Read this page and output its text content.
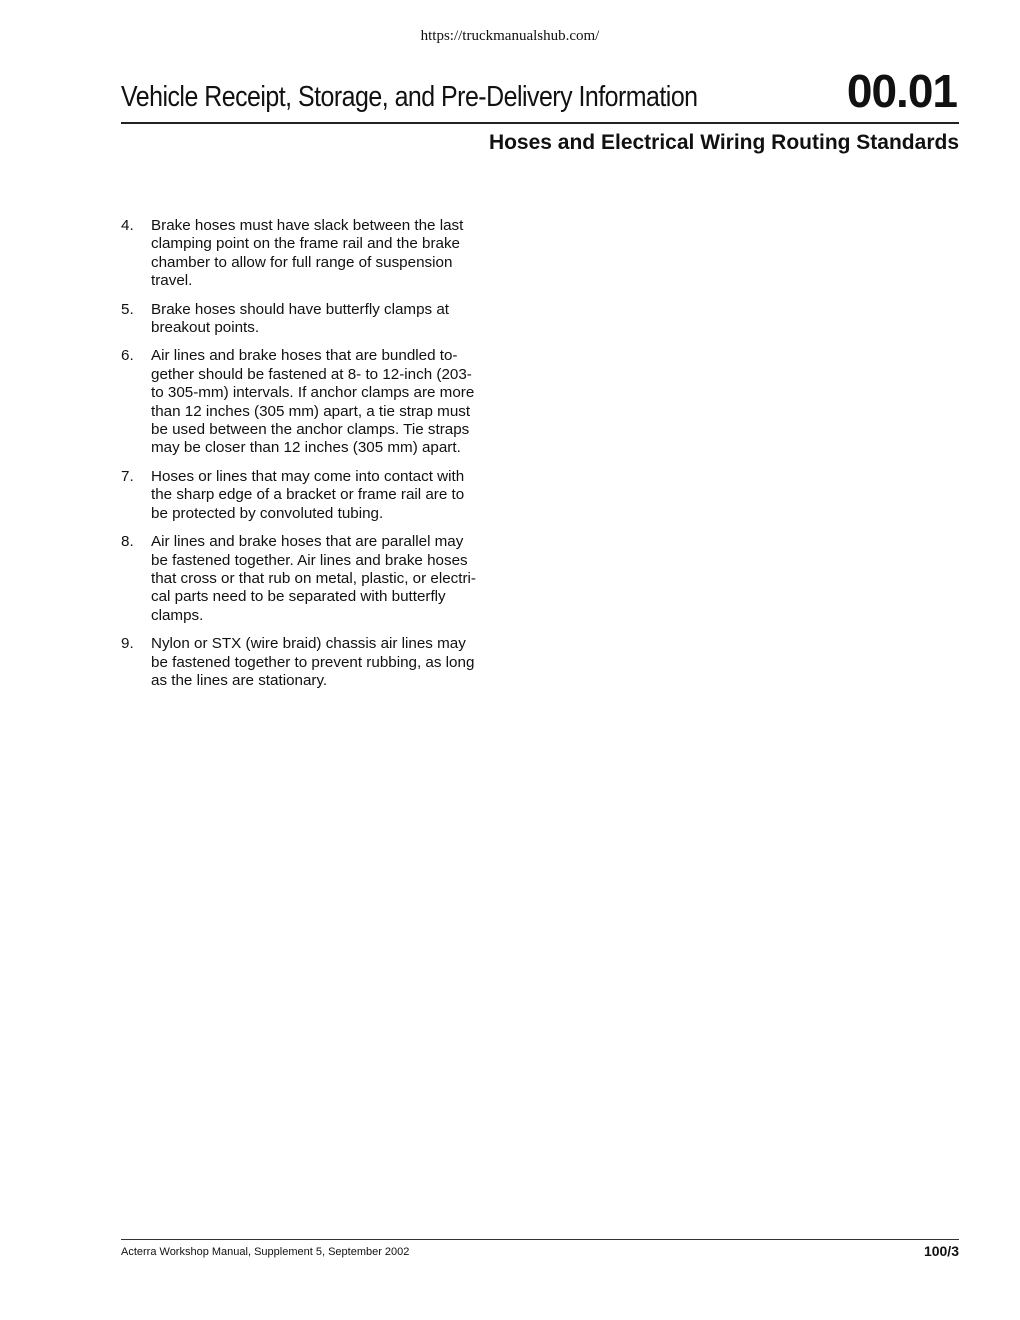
https://truckmanualshub.com/
Vehicle Receipt, Storage, and Pre-Delivery Information	00.01
Hoses and Electrical Wiring Routing Standards
4.	Brake hoses must have slack between the last
clamping point on the frame rail and the brake
chamber to allow for full range of suspension
travel.
5.	Brake hoses should have butterfly clamps at
breakout points.
6.	Air lines and brake hoses that are bundled to-
gether should be fastened at 8- to 12-inch (203-
to 305-mm) intervals. If anchor clamps are more
than 12 inches (305 mm) apart, a tie strap must
be used between the anchor clamps. Tie straps
may be closer than 12 inches (305 mm) apart.
7.	Hoses or lines that may come into contact with
the sharp edge of a bracket or frame rail are to
be protected by convoluted tubing.
8.	Air lines and brake hoses that are parallel may
be fastened together. Air lines and brake hoses
that cross or that rub on metal, plastic, or electri-
cal parts need to be separated with butterfly
clamps.
9.	Nylon or STX (wire braid) chassis air lines may
be fastened together to prevent rubbing, as long
as the lines are stationary.
Acterra Workshop Manual, Supplement 5, September 2002	100/3
